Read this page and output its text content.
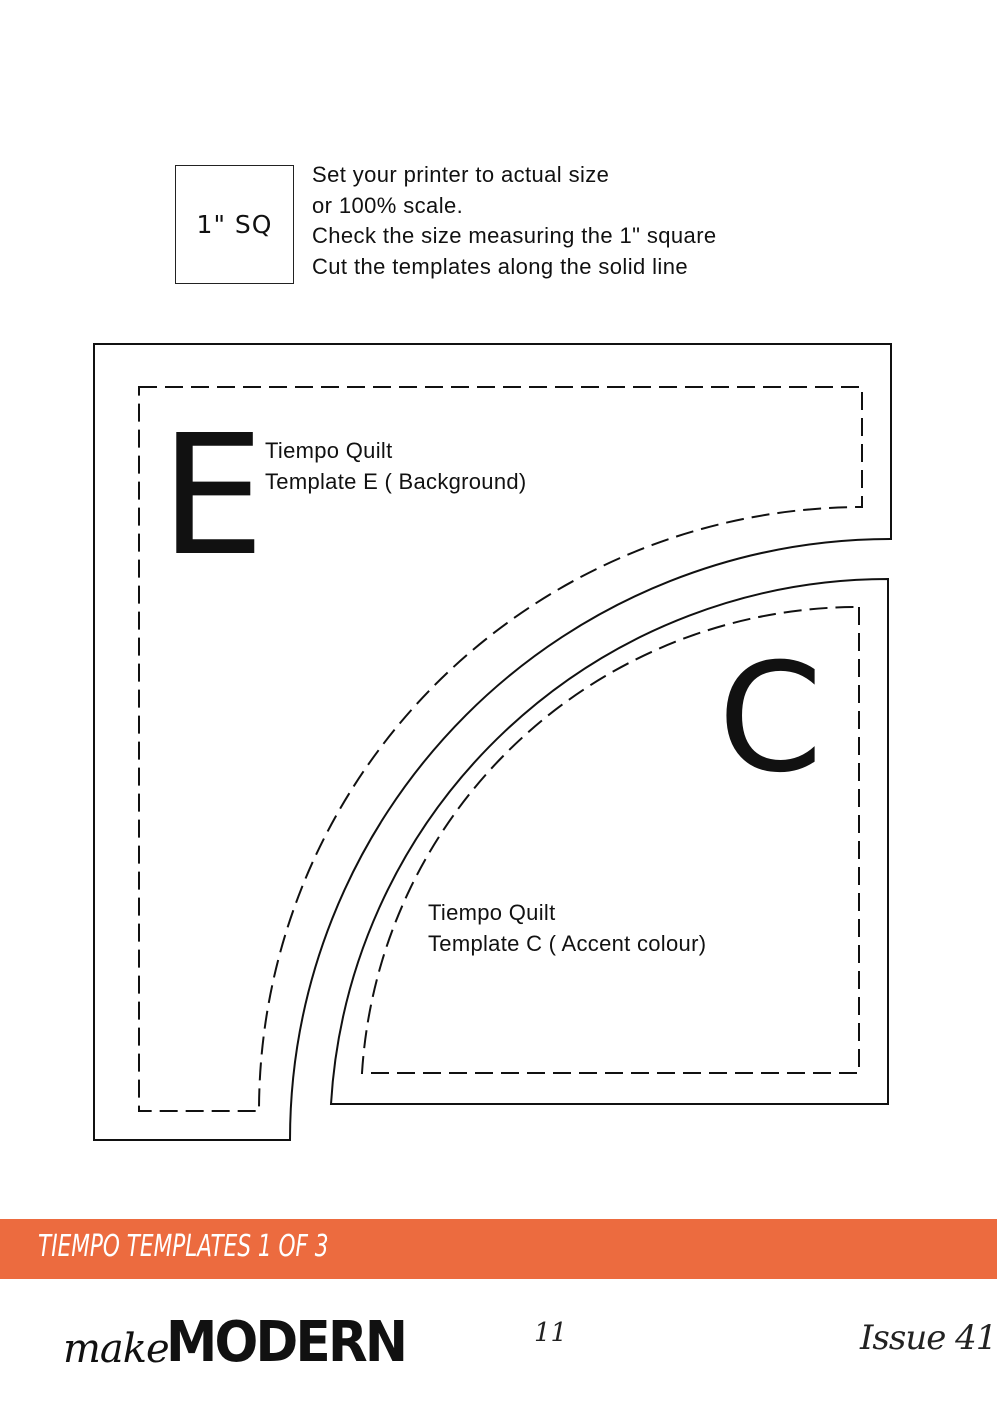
1" SQ
Set your printer to actual size
or 100% scale.
Check the size measuring the 1" square
Cut the templates along the solid line
E
C
Tiempo Quilt
Template E ( Background)
Tiempo Quilt
Template C ( Accent colour)
TIEMPO TEMPLATES 1 OF 3
make
MODERN	11	Issue 41
